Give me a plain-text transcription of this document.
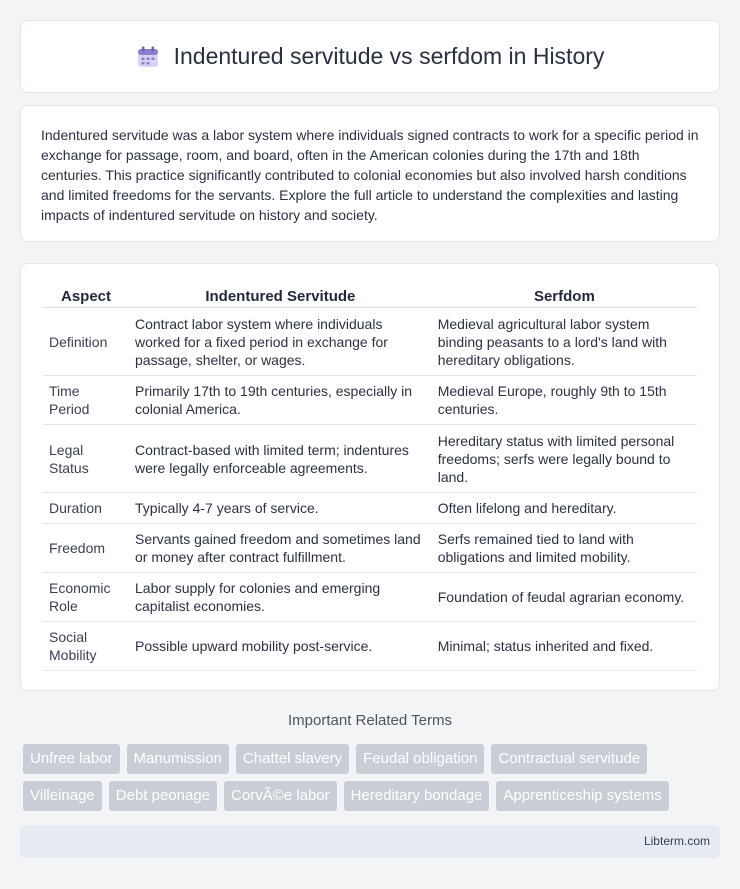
Indentured servitude vs serfdom in History

Indentured servitude was a labor system where individuals signed contracts to work for a specific period in exchange for passage, room, and board, often in the American colonies during the 17th and 18th centuries. This practice significantly contributed to colonial economies but also involved harsh conditions and limited freedoms for the servants. Explore the full article to understand the complexities and lasting impacts of indentured servitude on history and society.

Aspect	Indentured Servitude	Serfdom
Definition	Contract labor system where individuals worked for a fixed period in exchange for passage, shelter, or wages.	Medieval agricultural labor system binding peasants to a lord's land with hereditary obligations.
Time Period	Primarily 17th to 19th centuries, especially in colonial America.	Medieval Europe, roughly 9th to 15th centuries.
Legal Status	Contract-based with limited term; indentures were legally enforceable agreements.	Hereditary status with limited personal freedoms; serfs were legally bound to land.
Duration	Typically 4-7 years of service.	Often lifelong and hereditary.
Freedom	Servants gained freedom and sometimes land or money after contract fulfillment.	Serfs remained tied to land with obligations and limited mobility.
Economic Role	Labor supply for colonies and emerging capitalist economies.	Foundation of feudal agrarian economy.
Social Mobility	Possible upward mobility post-service.	Minimal; status inherited and fixed.
Important Related Terms
Unfree labor	Manumission	Chattel slavery	Feudal obligation	Contractual servitude
Villeinage	Debt peonage	CorvÃ©e labor	Hereditary bondage	Apprenticeship systems
Libterm.com
